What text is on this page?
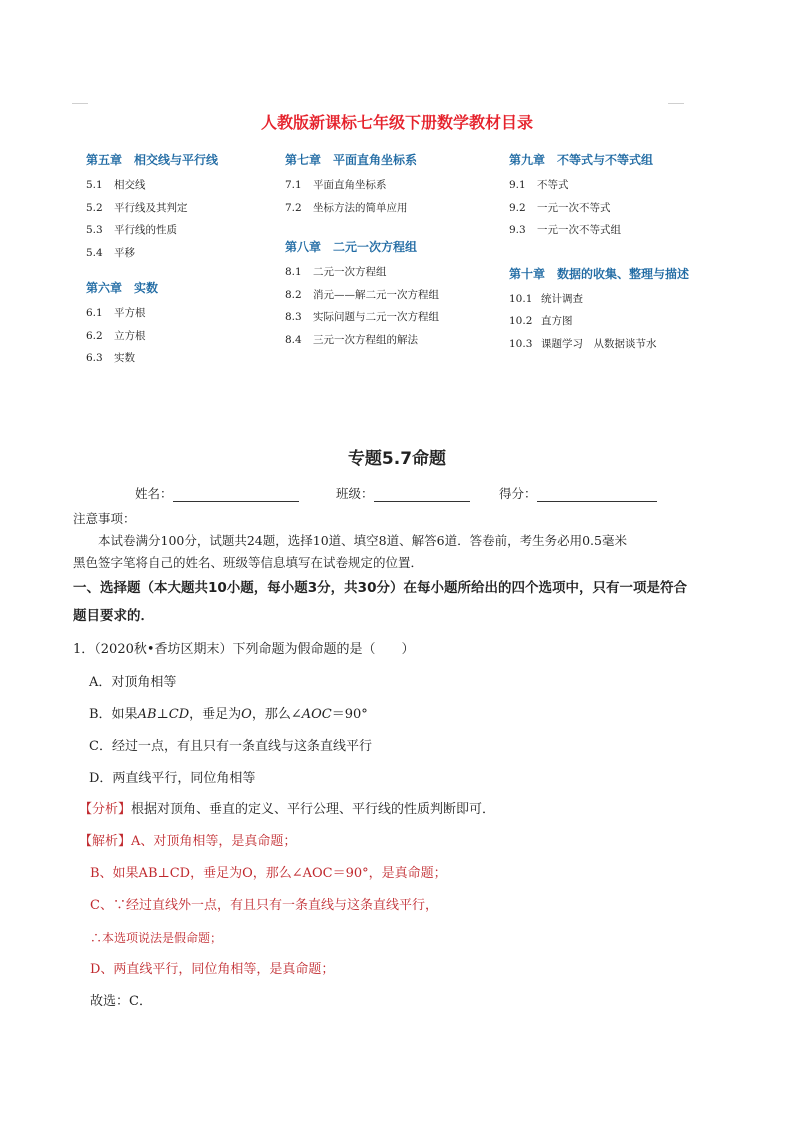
人教版新课标七年级下册数学教材目录
第五章　相交线与平行线
5.1 相交线
5.2 平行线及其判定
5.3 平行线的性质
5.4 平移
第六章　实数
6.1 平方根
6.2 立方根
6.3 实数
第七章　平面直角坐标系
7.1 平面直角坐标系
7.2 坐标方法的简单应用
第八章　二元一次方程组
8.1 二元一次方程组
8.2 消元——解二元一次方程组
8.3 实际问题与二元一次方程组
8.4 三元一次方程组的解法
第九章　不等式与不等式组
9.1 不等式
9.2 一元一次不等式
9.3 一元一次不等式组
第十章　数据的收集、整理与描述
10.1 统计调查
10.2 直方图
10.3 课题学习　从数据谈节水
专题5.7命题
姓名：	班级：	得分：
注意事项：
本试卷满分100分，试题共24题，选择10道、填空8道、解答6道．答卷前，考生务必用0.5毫米
黑色签字笔将自己的姓名、班级等信息填写在试卷规定的位置．
一、选择题（本大题共10小题，每小题3分，共30分）在每小题所给出的四个选项中，只有一项是符合
题目要求的．
1．（2020秋•香坊区期末）下列命题为假命题的是（　　）
A．对顶角相等
B．如果AB⊥CD，垂足为O，那么∠AOC＝90°
C．经过一点，有且只有一条直线与这条直线平行
D．两直线平行，同位角相等
【分析】根据对顶角、垂直的定义、平行公理、平行线的性质判断即可．
【解析】A、对顶角相等，是真命题；
B、如果AB⊥CD，垂足为O，那么∠AOC＝90°，是真命题；
C、∵经过直线外一点，有且只有一条直线与这条直线平行，
∴本选项说法是假命题；
D、两直线平行，同位角相等，是真命题；
故选：C．
